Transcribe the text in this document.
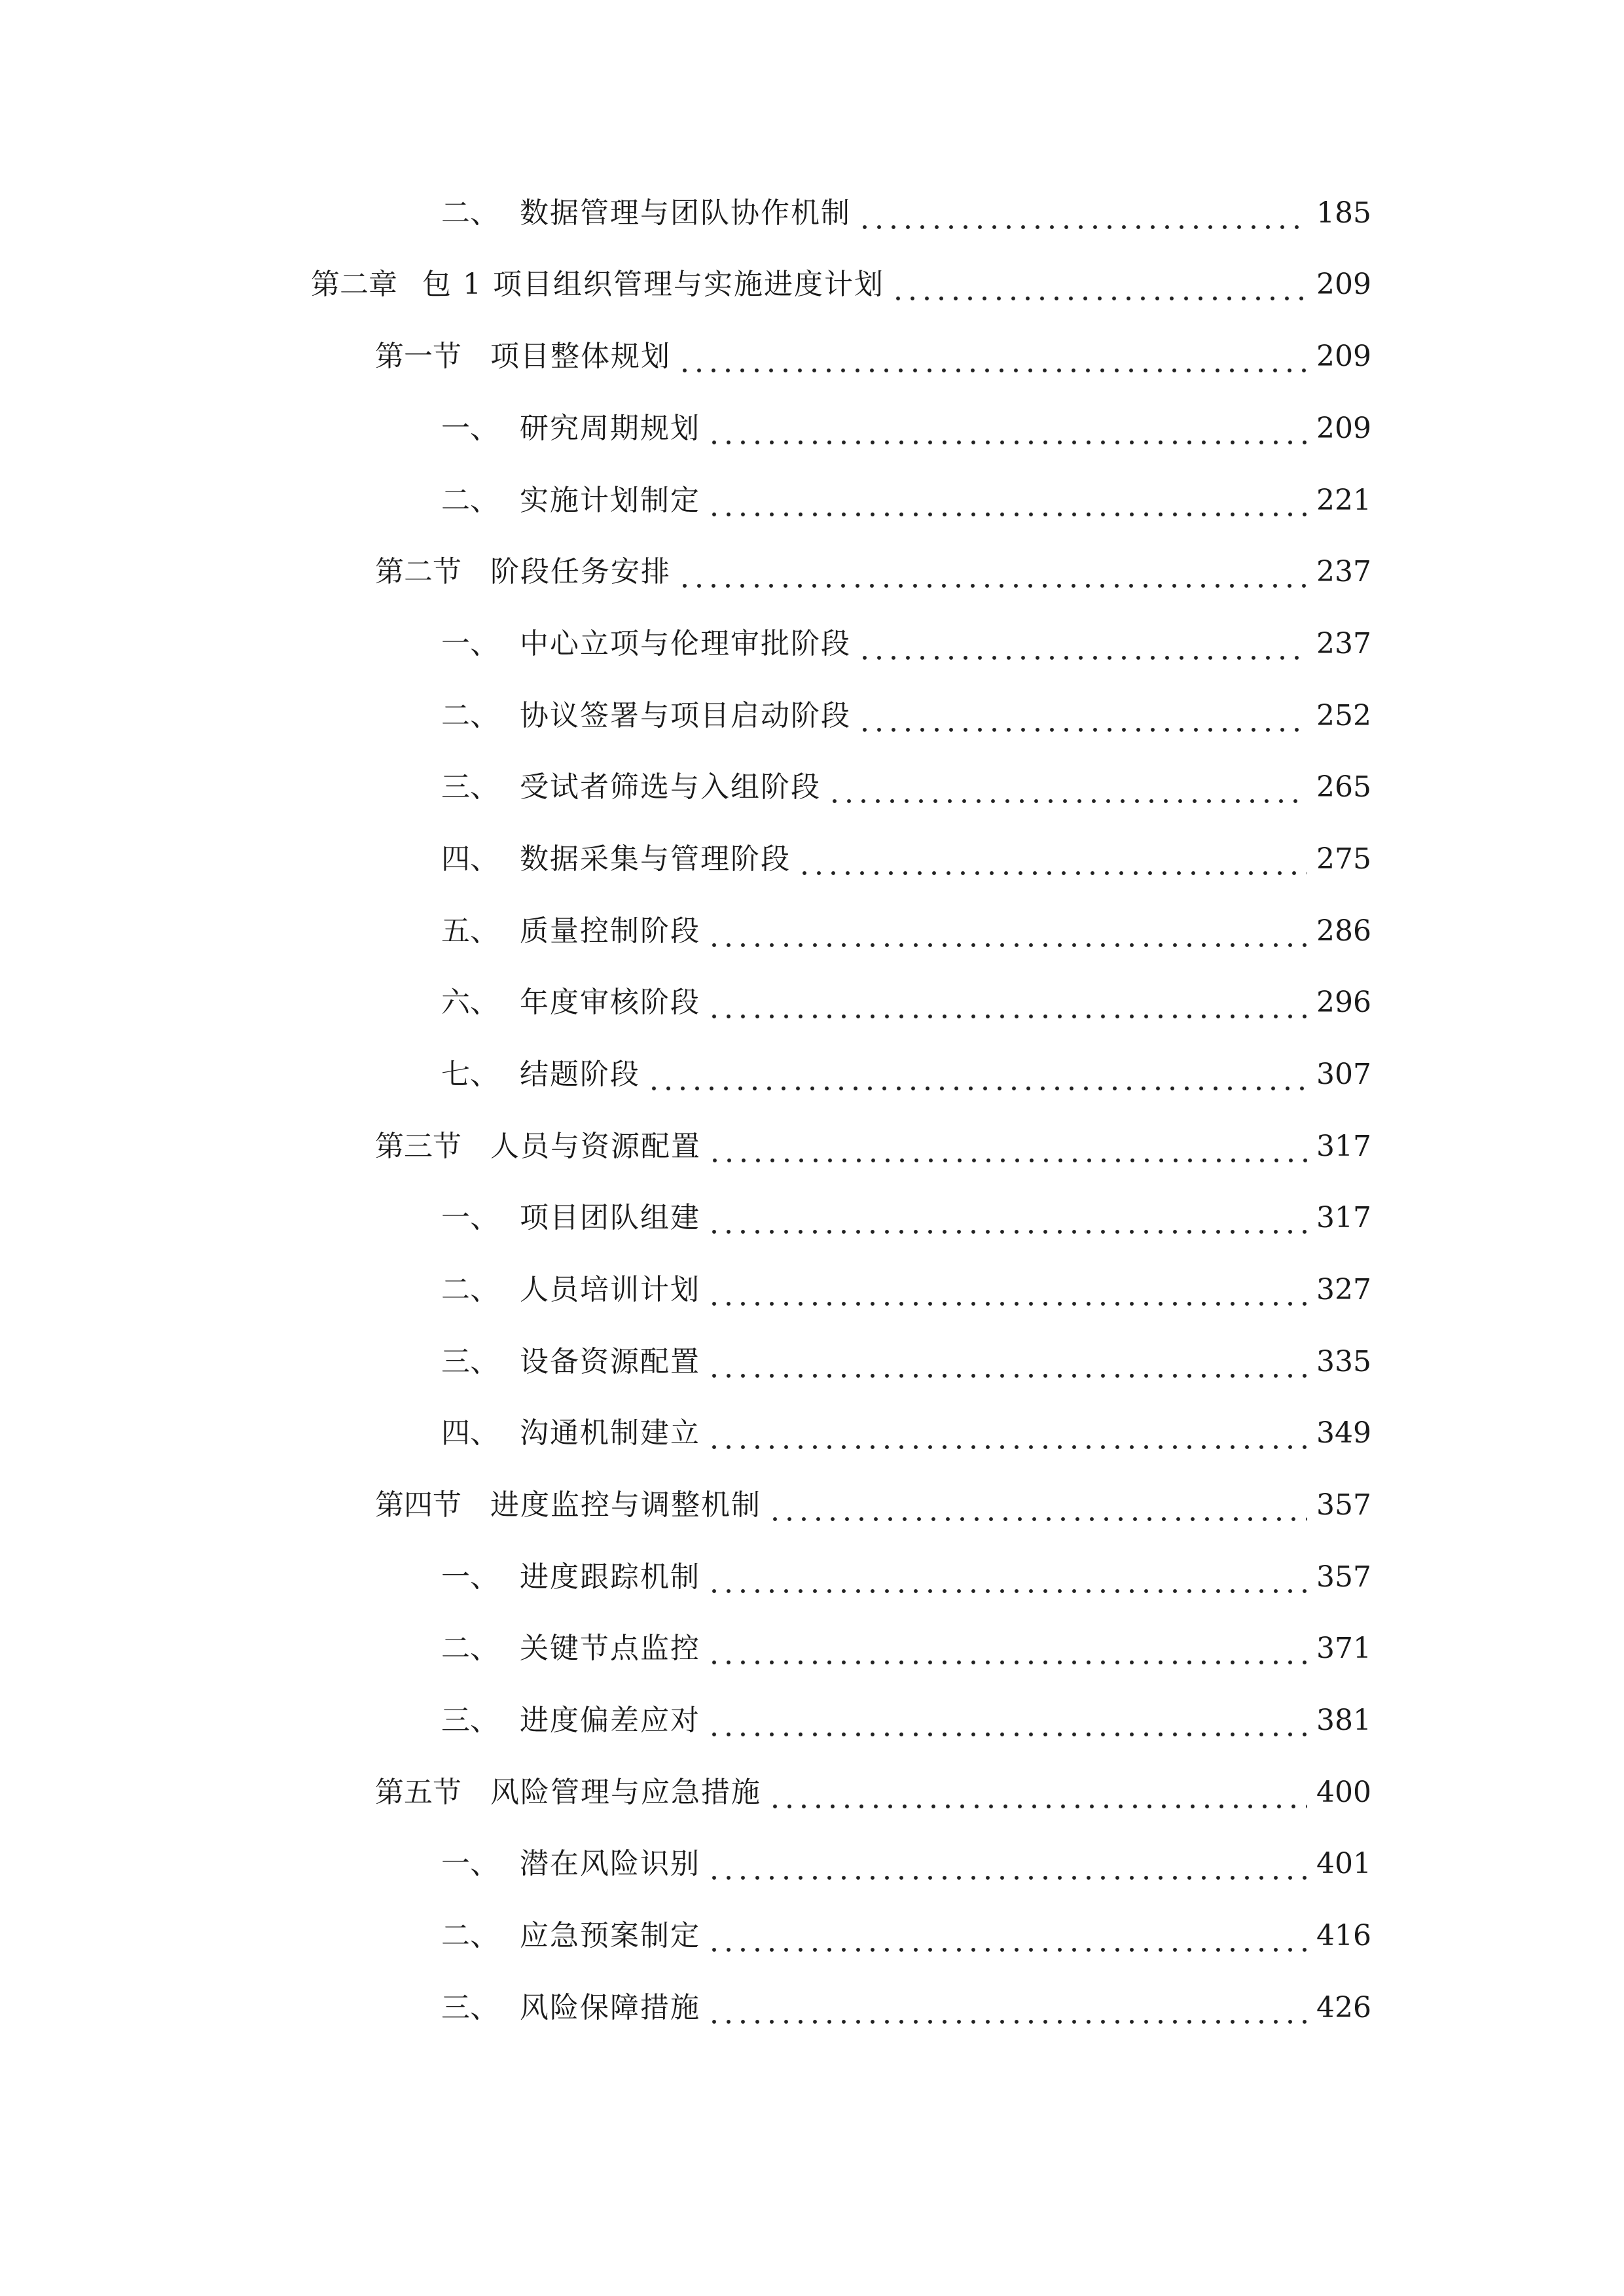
二、 数据管理与团队协作机制	185
第二章 包 1 项目组织管理与实施进度计划	209
第一节	项目整体规划	209
一、 研究周期规划	209
二、 实施计划制定	221
第二节	阶段任务安排	237
一、 中心立项与伦理审批阶段	237
二、 协议签署与项目启动阶段	252
三、 受试者筛选与入组阶段	265
四、 数据采集与管理阶段	275
五、 质量控制阶段	286
六、 年度审核阶段	296
七、 结题阶段	307
第三节	人员与资源配置	317
一、 项目团队组建	317
二、 人员培训计划	327
三、 设备资源配置	335
四、 沟通机制建立	349
第四节	进度监控与调整机制	357
一、 进度跟踪机制	357
二、 关键节点监控	371
三、 进度偏差应对	381
第五节	风险管理与应急措施	400
一、 潜在风险识别	401
二、 应急预案制定	416
三、 风险保障措施	426
